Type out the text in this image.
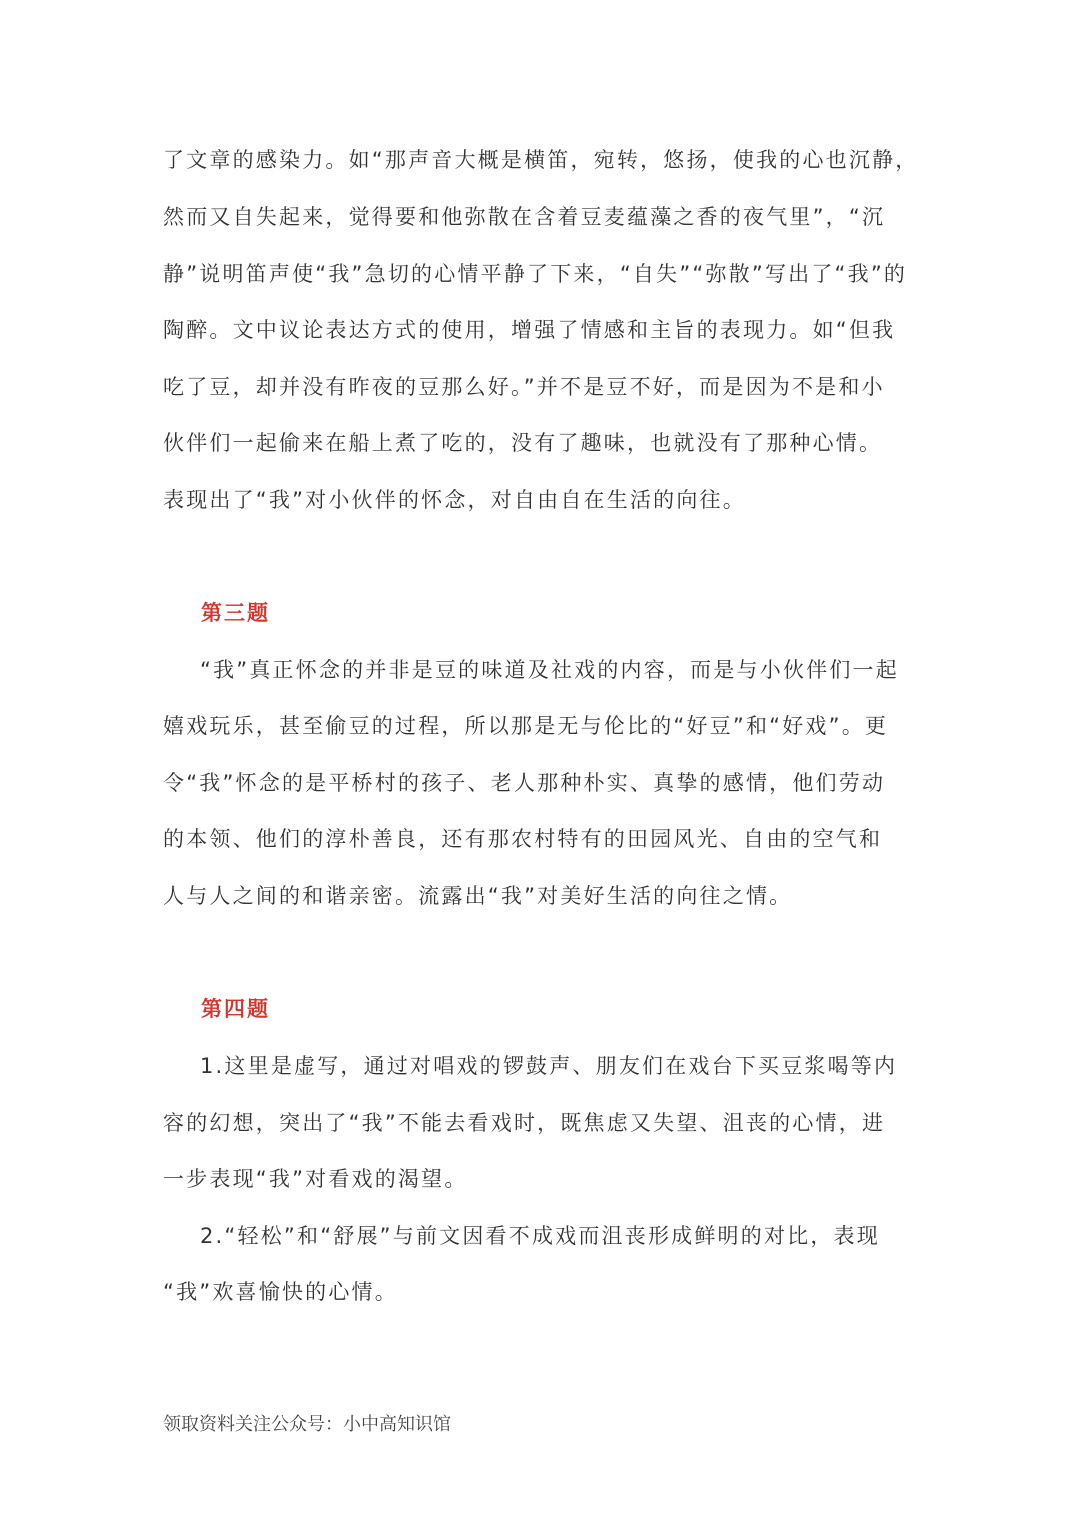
了文章的感染力。如“那声音大概是横笛，宛转，悠扬，使我的心也沉静，
然而又自失起来，觉得要和他弥散在含着豆麦蕴藻之香的夜气里”，“沉
静”说明笛声使“我”急切的心情平静了下来，“自失”“弥散”写出了“我”的
陶醉。文中议论表达方式的使用，增强了情感和主旨的表现力。如“但我
吃了豆，却并没有昨夜的豆那么好。”并不是豆不好，而是因为不是和小
伙伴们一起偷来在船上煮了吃的，没有了趣味，也就没有了那种心情。
表现出了“我”对小伙伴的怀念，对自由自在生活的向往。
第三题
“我”真正怀念的并非是豆的味道及社戏的内容，而是与小伙伴们一起
嬉戏玩乐，甚至偷豆的过程，所以那是无与伦比的“好豆”和“好戏”。更
令“我”怀念的是平桥村的孩子、老人那种朴实、真挚的感情，他们劳动
的本领、他们的淳朴善良，还有那农村特有的田园风光、自由的空气和
人与人之间的和谐亲密。流露出“我”对美好生活的向往之情。
第四题
1.这里是虚写，通过对唱戏的锣鼓声、朋友们在戏台下买豆浆喝等内
容的幻想，突出了“我”不能去看戏时，既焦虑又失望、沮丧的心情，进
一步表现“我”对看戏的渴望。
2.“轻松”和“舒展”与前文因看不成戏而沮丧形成鲜明的对比，表现
“我”欢喜愉快的心情。
领取资料关注公众号：小中高知识馆
